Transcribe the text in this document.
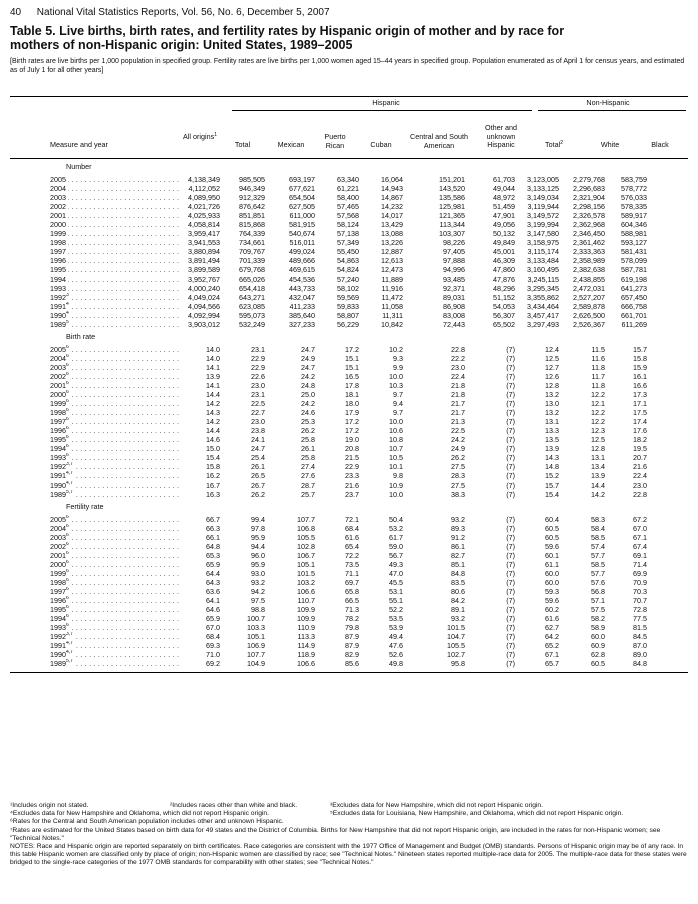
40 National Vital Statistics Reports, Vol. 56, No. 6, December 5, 2007
Table 5. Live births, birth rates, and fertility rates by Hispanic origin of mother and by race for mothers of non-Hispanic origin: United States, 1989–2005
[Birth rates are live births per 1,000 population in specified group. Fertility rates are live births per 1,000 women aged 15–44 years in specified group. Population enumerated as of April 1 for census years, and estimated as of July 1 for all other years]
Hispanic	Non-Hispanic
Measure and year
All origins$^1$
Total	Mexican
Puerto Rican	Cuban
Central and South American
Other and unknown Hispanic	Total$^2$	White	Black
Number
2005 . . .	4,138,349	985,505	693,197	63,340	16,064	151,201	61,703	3,123,005	2,279,768	583,759
2004 . . .	4,112,052	946,349	677,621	61,221	14,943	143,520	49,044	3,133,125	2,296,683	578,772
2003 . . .	4,089,950	912,329	654,504	58,400	14,867	135,586	48,972	3,149,034	2,321,904	576,033
2002 . . .	4,021,726	876,642	627,505	57,465	14,232	125,981	51,459	3,119,944	2,298,156	578,335
2001 . . .	4,025,933	851,851	611,000	57,568	14,017	121,365	47,901	3,149,572	2,326,578	589,917
2000 . . .	4,058,814	815,868	581,915	58,124	13,429	113,344	49,056	3,199,994	2,362,968	604,346
1999 . . .	3,959,417	764,339	540,674	57,138	13,088	103,307	50,132	3,147,580	2,346,450	588,981
1998 . . .	3,941,553	734,661	516,011	57,349	13,226	98,226	49,849	3,158,975	2,361,462	593,127
1997 . . .	3,880,894	709,767	499,024	55,450	12,887	97,405	45,001	3,115,174	2,333,363	581,431
1996 . . .	3,891,494	701,339	489,666	54,863	12,613	97,888	46,309	3,133,484	2,358,989	578,099
1995 . . .	3,899,589	679,768	469,615	54,824	12,473	94,996	47,860	3,160,495	2,382,638	587,781
1994 . . .	3,952,767	665,026	454,536	57,240	11,889	93,485	47,876	3,245,115	2,438,855	619,198
1993 . . .	4,000,240	654,418	443,733	58,102	11,916	92,371	48,296	3,295,345	2,472,031	641,273
1992$^3$ . . .	4,049,024	643,271	432,047	59,569	11,472	89,031	51,152	3,355,862	2,527,207	657,450
1991$^4$ . . .	4,094,566	623,085	411,233	59,833	11,058	86,908	54,053	3,434,464	2,589,878	666,758
1990$^4$ . . .	4,092,994	595,073	385,640	58,807	11,311	83,008	56,307	3,457,417	2,626,500	661,701
1989$^5$ . . .	3,903,012	532,249	327,233	56,229	10,842	72,443	65,502	3,297,493	2,526,367	611,269
Birth rate
2005$^6$ . . .	14.0	23.1	24.7	17.2	10.2	22.8	(7)	12.4	11.5	15.7
2004$^6$ . . .	14.0	22.9	24.9	15.1	9.3	22.2	(7)	12.5	11.6	15.8
2003$^6$ . . .	14.1	22.9	24.7	15.1	9.9	23.0	(7)	12.7	11.8	15.9
2002$^6$ . . .	13.9	22.6	24.2	16.5	10.0	22.4	(7)	12.6	11.7	16.1
2001$^6$ . . .	14.1	23.0	24.8	17.8	10.3	21.8	(7)	12.8	11.8	16.6
2000$^6$ . . .	14.4	23.1	25.0	18.1	9.7	21.8	(7)	13.2	12.2	17.3
1999$^6$ . . .	14.2	22.5	24.2	18.0	9.4	21.7	(7)	13.0	12.1	17.1
1998$^6$ . . .	14.3	22.7	24.6	17.9	9.7	21.7	(7)	13.2	12.2	17.5
1997$^6$ . . .	14.2	23.0	25.3	17.2	10.0	21.3	(7)	13.1	12.2	17.4
1996$^6$ . . .	14.4	23.8	26.2	17.2	10.6	22.5	(7)	13.3	12.3	17.6
1995$^6$ . . .	14.6	24.1	25.8	19.0	10.8	24.2	(7)	13.5	12.5	18.2
1994$^6$ . . .	15.0	24.7	26.1	20.8	10.7	24.9	(7)	13.9	12.8	19.5
1993$^6$ . . .	15.4	25.4	25.8	21.5	10.5	26.2	(7)	14.3	13.1	20.7
1992$^{3,7}$ . . .	15.8	26.1	27.4	22.9	10.1	27.5	(7)	14.8	13.4	21.6
1991$^{4,7}$ . . .	16.2	26.5	27.6	23.3	9.8	28.3	(7)	15.2	13.9	22.4
1990$^{4,7}$ . . .	16.7	26.7	28.7	21.6	10.9	27.5	(7)	15.7	14.4	23.0
1989$^{5,7}$ . . .	16.3	26.2	25.7	23.7	10.0	38.3	(7)	15.4	14.2	22.8
Fertility rate
2005$^6$ . . .	66.7	99.4	107.7	72.1	50.4	93.2	(7)	60.4	58.3	67.2
2004$^6$ . . .	66.3	97.8	106.8	68.4	53.2	89.3	(7)	60.5	58.4	67.0
2003$^6$ . . .	66.1	95.9	105.5	61.6	61.7	91.2	(7)	60.5	58.5	67.1
2002$^6$ . . .	64.8	94.4	102.8	65.4	59.0	86.1	(7)	59.6	57.4	67.4
2001$^6$ . . .	65.3	96.0	106.7	72.2	56.7	82.7	(7)	60.1	57.7	69.1
2000$^6$ . . .	65.9	95.9	105.1	73.5	49.3	85.1	(7)	61.1	58.5	71.4
1999$^6$ . . .	64.4	93.0	101.5	71.1	47.0	84.8	(7)	60.0	57.7	69.9
1998$^6$ . . .	64.3	93.2	103.2	69.7	45.5	83.5	(7)	60.0	57.6	70.9
1997$^6$ . . .	63.6	94.2	106.6	65.8	53.1	80.6	(7)	59.3	56.8	70.3
1996$^6$ . . .	64.1	97.5	110.7	66.5	55.1	84.2	(7)	59.6	57.1	70.7
1995$^6$ . . .	64.6	98.8	109.9	71.3	52.2	89.1	(7)	60.2	57.5	72.8
1994$^6$ . . .	65.9	100.7	109.9	78.2	53.5	93.2	(7)	61.6	58.2	77.5
1993$^6$ . . .	67.0	103.3	110.9	79.8	53.9	101.5	(7)	62.7	58.9	81.5
1992$^{3,7}$ . . .	68.4	105.1	113.3	87.9	49.4	104.7	(7)	64.2	60.0	84.5
1991$^{4,7}$ . . .	69.3	106.9	114.9	87.9	47.6	105.5	(7)	65.2	60.9	87.0
1990$^{4,7}$ . . .	71.0	107.7	118.9	82.9	52.6	102.7	(7)	67.1	62.8	89.0
1989$^{5,7}$ . . .	69.2	104.9	106.6	85.6	49.8	95.8	(7)	65.7	60.5	84.8
¹Includes origin not stated.	²Includes races other than white and black.	³Excludes data for New Hampshire, which did not report Hispanic origin.
⁴Excludes data for New Hampshire and Oklahoma, which did not report Hispanic origin.	⁵Excludes data for Louisiana, New Hampshire, and Oklahoma, which did not report Hispanic origin.
⁶Rates for the Central and South American population includes other and unknown Hispanic.
⁷Rates are estimated for the United States based on birth data for 49 states and the District of Columbia. Births for New Hampshire that did not report Hispanic origin, are included in the rates for non-Hispanic women; see "Technical Notes."
NOTES: Race and Hispanic origin are reported separately on birth certificates. Race categories are consistent with the 1977 Office of Management and Budget (OMB) standards. Persons of Hispanic origin may be of any race. In this table Hispanic women are classified only by place of origin; non-Hispanic women are classified by race; see "Technical Notes." Nineteen states reported multiple-race data for 2005. The multiple-race data for these states were bridged to the single-race categories of the 1977 OMB standards for comparability with other states; see "Technical Notes."
